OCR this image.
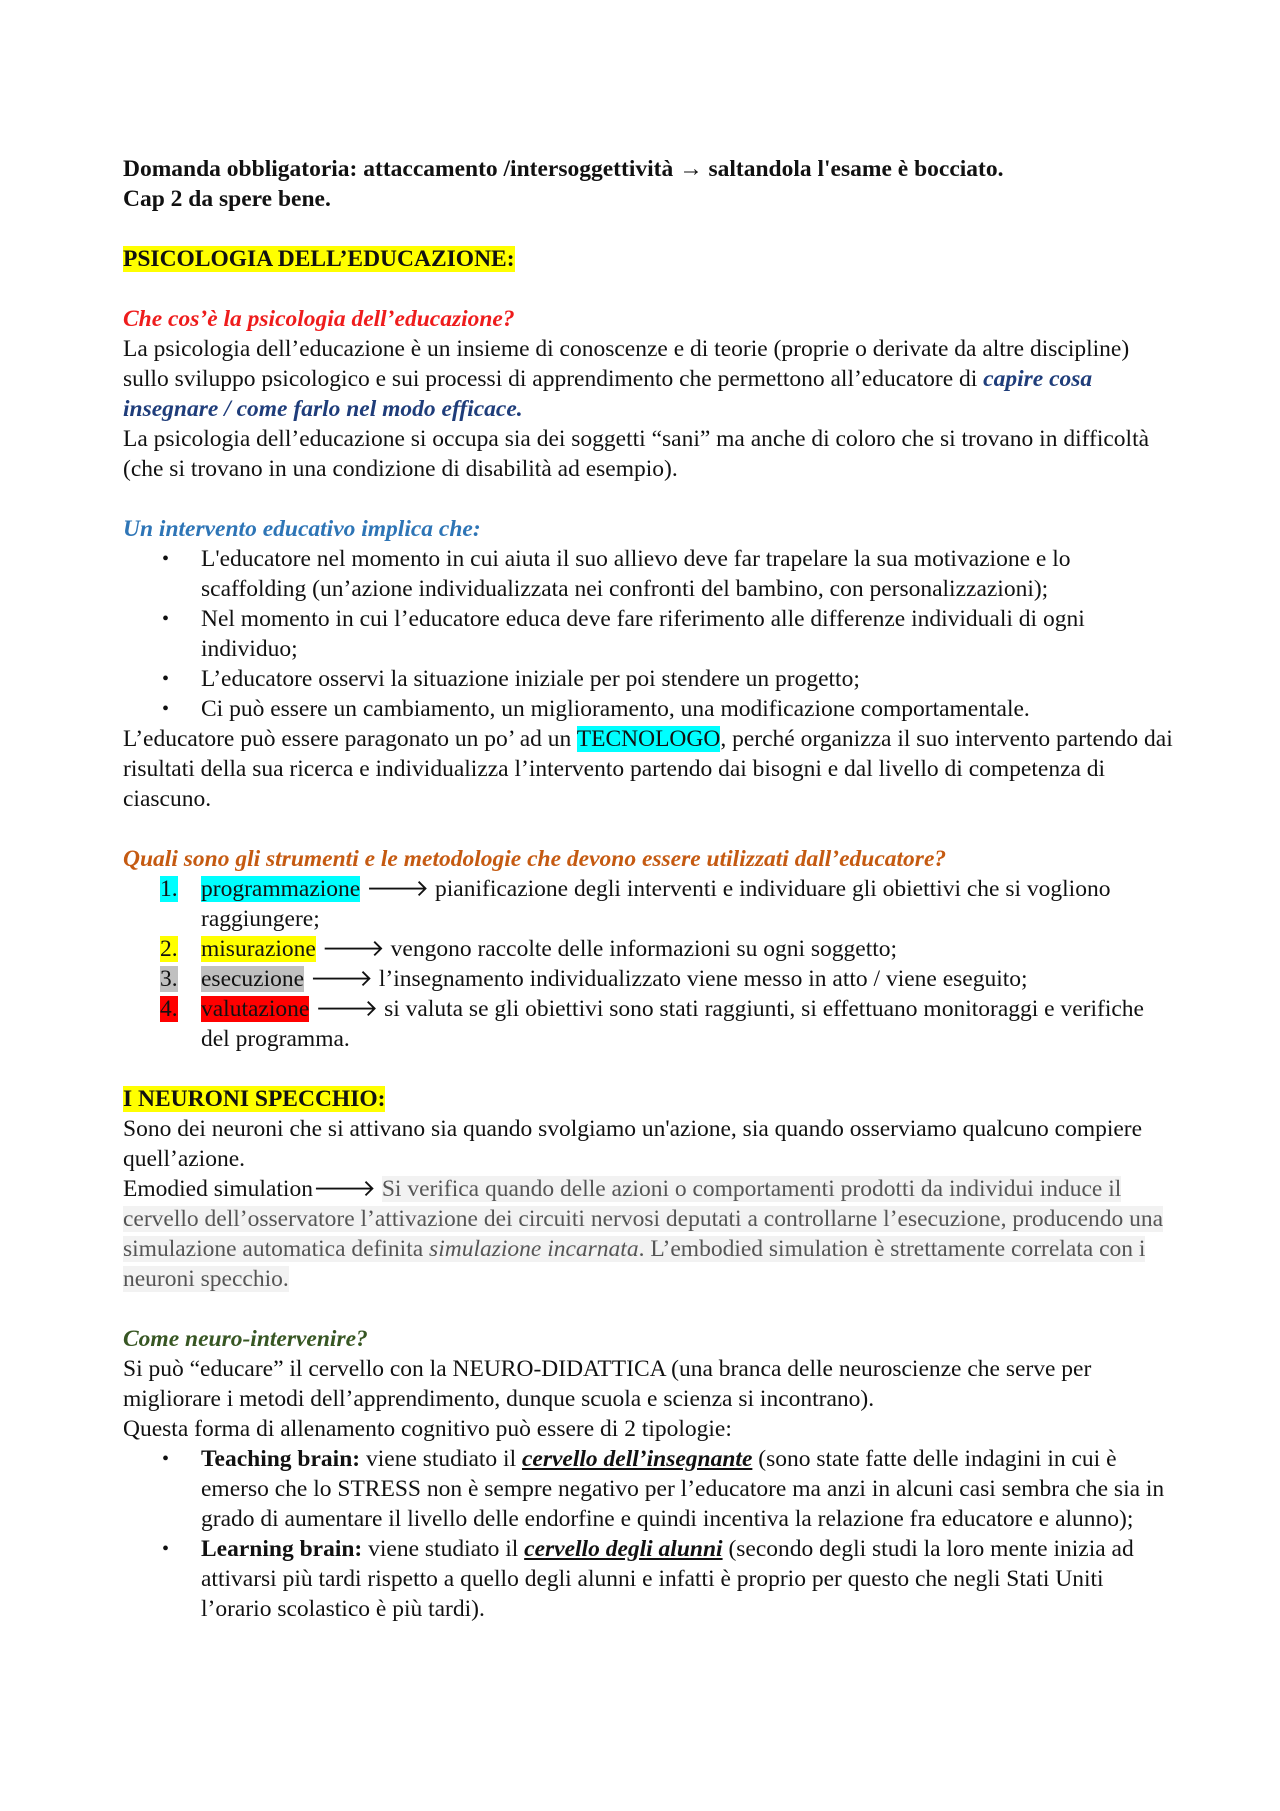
Domanda obbligatoria: attaccamento /intersoggettività → saltandola l'esame è bocciato.

Cap 2 da spere bene.

PSICOLOGIA DELL’EDUCAZIONE:

Che cos’è la psicologia dell’educazione?

La psicologia dell’educazione è un insieme di conoscenze e di teorie (proprie o derivate da altre discipline) sullo sviluppo psicologico e sui processi di apprendimento che permettono all’educatore di capire cosa insegnare / come farlo nel modo efficace.

La psicologia dell’educazione si occupa sia dei soggetti “sani” ma anche di coloro che si trovano in difficoltà (che si trovano in una condizione di disabilità ad esempio).

Un intervento educativo implica che:

• L'educatore nel momento in cui aiuta il suo allievo deve far trapelare la sua motivazione e lo scaffolding (un’azione individualizzata nei confronti del bambino, con personalizzazioni);
• Nel momento in cui l’educatore educa deve fare riferimento alle differenze individuali di ogni individuo;
• L’educatore osservi la situazione iniziale per poi stendere un progetto;
• Ci può essere un cambiamento, un miglioramento, una modificazione comportamentale.

L’educatore può essere paragonato un po’ ad un TECNOLOGO, perché organizza il suo intervento partendo dai risultati della sua ricerca e individualizza l’intervento partendo dai bisogni e dal livello di competenza di ciascuno.

Quali sono gli strumenti e le metodologie che devono essere utilizzati dall’educatore?

1. programmazione 🡒 pianificazione degli interventi e individuare gli obiettivi che si vogliono raggiungere;
2. misurazione 🡒 vengono raccolte delle informazioni su ogni soggetto;
3. esecuzione 🡒 l’insegnamento individualizzato viene messo in atto / viene eseguito;
4. valutazione 🡒 si valuta se gli obiettivi sono stati raggiunti, si effettuano monitoraggi e verifiche del programma.

I NEURONI SPECCHIO:

Sono dei neuroni che si attivano sia quando svolgiamo un'azione, sia quando osserviamo qualcuno compiere quell’azione.

Emodied simulation🡒 Si verifica quando delle azioni o comportamenti prodotti da individui induce il cervello dell’osservatore l’attivazione dei circuiti nervosi deputati a controllarne l’esecuzione, producendo una simulazione automatica definita simulazione incarnata. L’embodied simulation è strettamente correlata con i neuroni specchio.

Come neuro-intervenire?

Si può “educare” il cervello con la NEURO-DIDATTICA (una branca delle neuroscienze che serve per migliorare i metodi dell’apprendimento, dunque scuola e scienza si incontrano).

Questa forma di allenamento cognitivo può essere di 2 tipologie:

• Teaching brain: viene studiato il cervello dell’insegnante (sono state fatte delle indagini in cui è emerso che lo STRESS non è sempre negativo per l’educatore ma anzi in alcuni casi sembra che sia in grado di aumentare il livello delle endorfine e quindi incentiva la relazione fra educatore e alunno);
• Learning brain: viene studiato il cervello degli alunni (secondo degli studi la loro mente inizia ad attivarsi più tardi rispetto a quello degli alunni e infatti è proprio per questo che negli Stati Uniti l’orario scolastico è più tardi).
